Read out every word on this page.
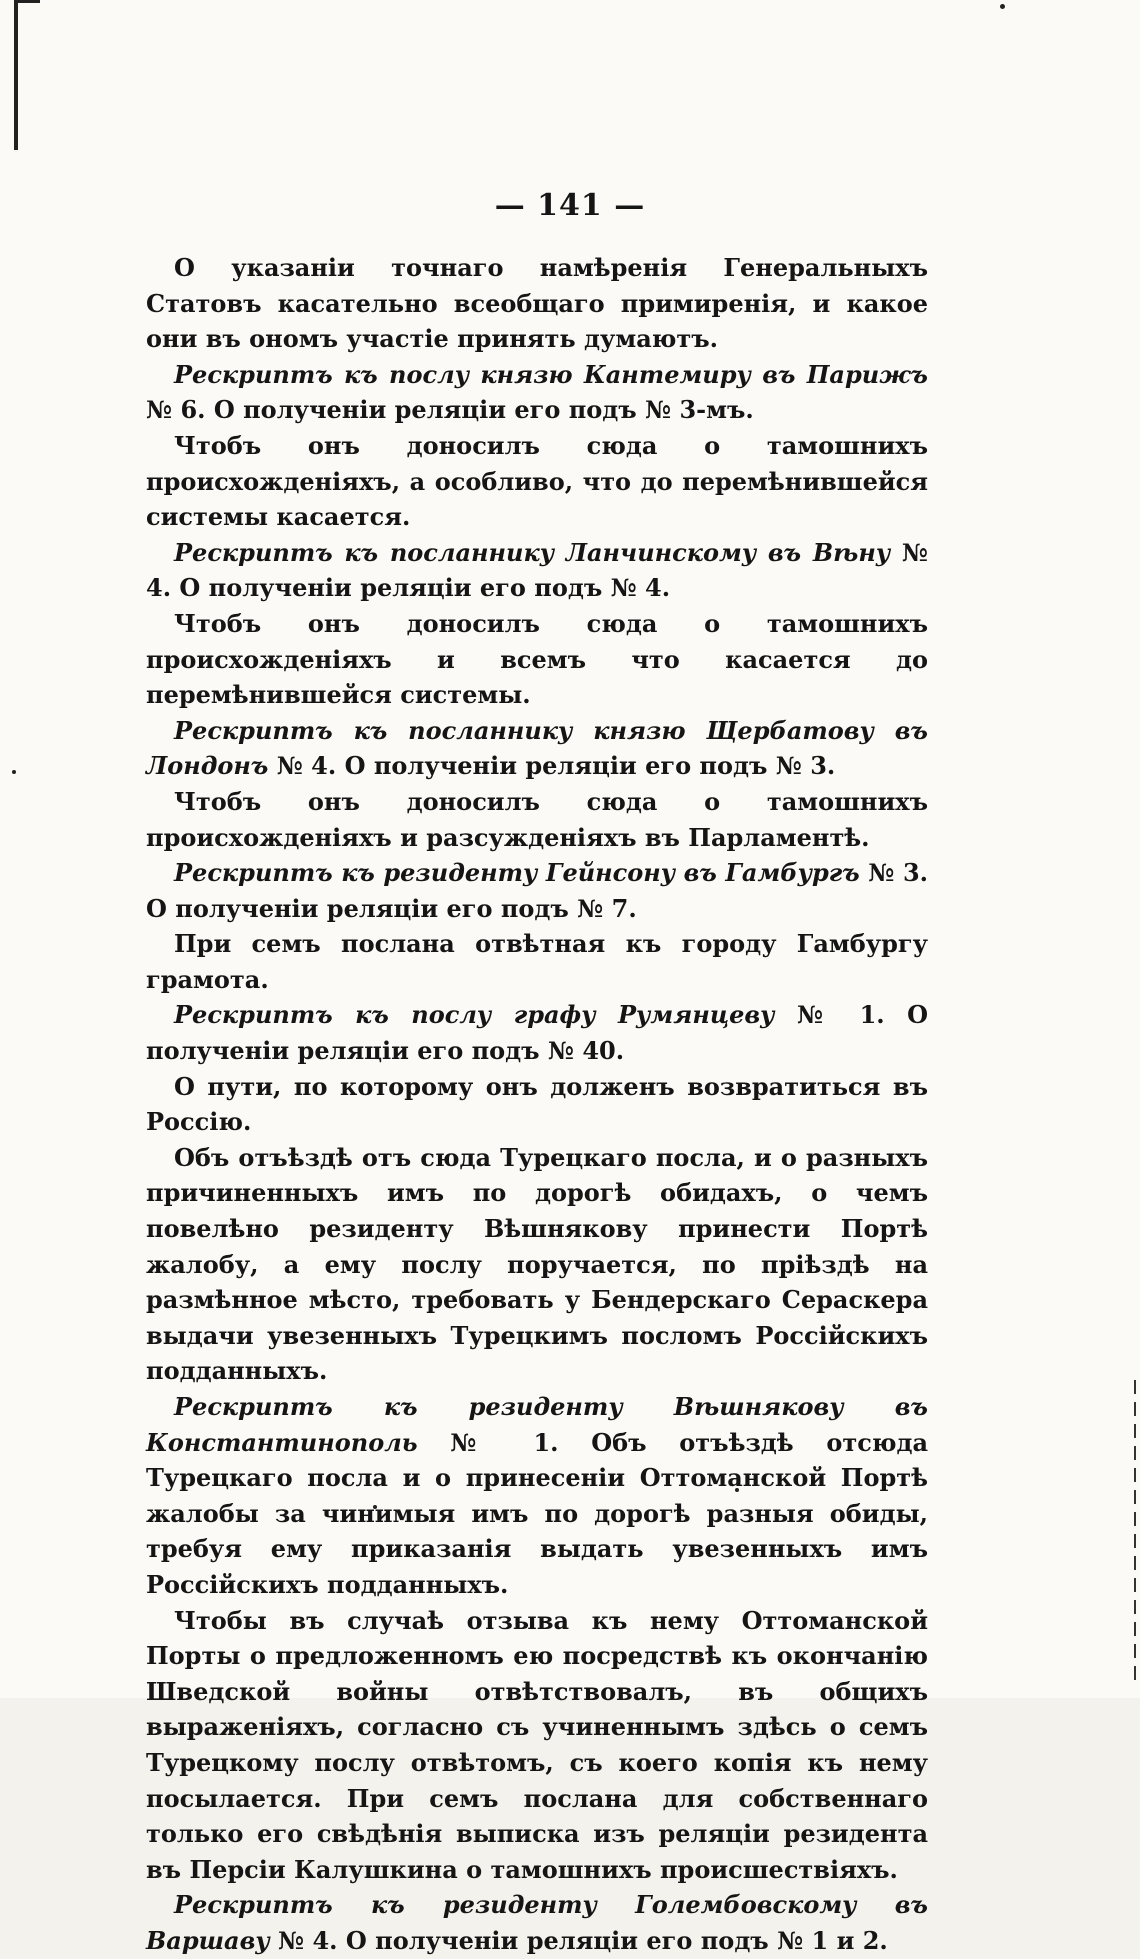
— 141 —

О указаніи точнаго намѣренія Генеральныхъ Статовъ касательно всеобщаго примиренія, и какое они въ ономъ участіе принять думаютъ.

Рескриптъ къ послу князю Кантемиру въ Парижъ № 6. О полученіи реляціи его подъ № 3-мъ.

Чтобъ онъ доносилъ сюда о тамошнихъ происхожденіяхъ, а особливо, что до перемѣнившейся системы касается.

Рескриптъ къ посланнику Ланчинскому въ Вѣну № 4. О полученіи реляціи его подъ № 4.

Чтобъ онъ доносилъ сюда о тамошнихъ происхожденіяхъ и всемъ что касается до перемѣнившейся системы.

Рескриптъ къ посланнику князю Щербатову въ Лондонъ № 4. О полученіи реляціи его подъ № 3.

Чтобъ онъ доносилъ сюда о тамошнихъ происхожденіяхъ и разсужденіяхъ въ Парламентѣ.

Рескриптъ къ резиденту Гейнсону въ Гамбургъ № 3. О полученіи реляціи его подъ № 7.

При семъ послана отвѣтная къ городу Гамбургу грамота.

Рескриптъ къ послу графу Румянцеву № 1. О полученіи реляціи его подъ № 40.

О пути, по которому онъ долженъ возвратиться въ Россію.

Объ отъѣздѣ отъ сюда Турецкаго посла, и о разныхъ причиненныхъ имъ по дорогѣ обидахъ, о чемъ повелѣно резиденту Вѣшнякову принести Портѣ жалобу, а ему послу поручается, по пріѣздѣ на размѣнное мѣсто, требовать у Бендерскаго Сераскера выдачи увезенныхъ Турецкимъ посломъ Россійскихъ подданныхъ.

Рескриптъ къ резиденту Вѣшнякову въ Константинополь № 1. Объ отъѣздѣ отсюда Турецкаго посла и о принесеніи Оттоманской Портѣ жалобы за чинимыя имъ по дорогѣ разныя обиды, требуя ему приказанія выдать увезенныхъ имъ Россійскихъ подданныхъ.

Чтобы въ случаѣ отзыва къ нему Оттоманской Порты о предложенномъ ею посредствѣ къ окончанію Шведской войны отвѣтствовалъ, въ общихъ выраженіяхъ, согласно съ учиненнымъ здѣсь о семъ Турецкому послу отвѣтомъ, съ коего копія къ нему посылается. При семъ послана для собственнаго только его свѣдѣнія выписка изъ реляціи резидента въ Персіи Калушкина о тамошнихъ происшествіяхъ.

Рескриптъ къ резиденту Голембовскому въ Варшаву № 4. О полученіи реляціи его подъ № 1 и 2.
